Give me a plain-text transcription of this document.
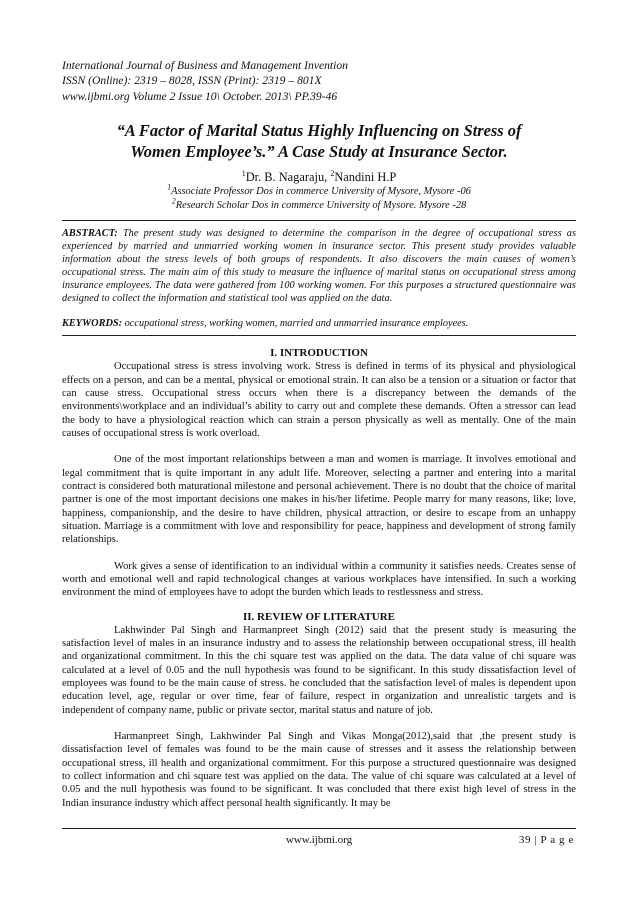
International Journal of Business and Management Invention
ISSN (Online): 2319 – 8028, ISSN (Print): 2319 – 801X
www.ijbmi.org Volume 2 Issue 10\ October. 2013\ PP.39-46
“A Factor of Marital Status Highly Influencing on Stress of
Women Employee’s.” A Case Study at Insurance Sector.
$^1$Dr. B. Nagaraju, $^2$Nandini H.P
$^1$Associate Professor Dos in commerce University of Mysore, Mysore -06
$^2$Research Scholar Dos in commerce University of Mysore. Mysore -28
ABSTRACT: The present study was designed to determine the comparison in the degree of occupational stress as experienced by married and unmarried working women in insurance sector. This present study provides valuable information about the stress levels of both groups of respondents. It also discovers the main causes of women’s occupational stress. The main aim of this study to measure the influence of marital status on occupational stress among insurance employees. The data were gathered from 100 working women. For this purposes a structured questionnaire was designed to collect the information and statistical tool was applied on the data.
KEYWORDS: occupational stress, working women, married and unmarried insurance employees.
I. INTRODUCTION

Occupational stress is stress involving work. Stress is defined in terms of its physical and physiological effects on a person, and can be a mental, physical or emotional strain. It can also be a tension or a situation or factor that can cause stress. Occupational stress occurs when there is a discrepancy between the demands of the environments\workplace and an individual’s ability to carry out and complete these demands. Often a stressor can lead the body to have a physiological reaction which can strain a person physically as well as mentally. One of the main causes of occupational stress is work overload.

One of the most important relationships between a man and women is marriage. It involves emotional and legal commitment that is quite important in any adult life. Moreover, selecting a partner and entering into a marital contract is considered both maturational milestone and personal achievement. There is no doubt that the choice of marital partner is one of the most important decisions one makes in his/her lifetime. People marry for many reasons, like; love, happiness, companionship, and the desire to have children, physical attraction, or desire to escape from an unhappy situation. Marriage is a commitment with love and responsibility for peace, happiness and development of strong family relationships.

Work gives a sense of identification to an individual within a community it satisfies needs. Creates sense of worth and emotional well and rapid technological changes at various workplaces have intensified. In such a working environment the mind of employees have to adopt the burden which leads to restlessness and stress.

II. REVIEW OF LITERATURE

Lakhwinder Pal Singh and Harmanpreet Singh (2012) said that the present study is measuring the satisfaction level of males in an insurance industry and to assess the relationship between occupational stress, ill health and organizational commitment. In this the chi square test was applied on the data. The data value of chi square was calculated at a level of 0.05 and the null hypothesis was found to be significant. In this study dissatisfaction level of employees was found to be the main cause of stress. he concluded that the satisfaction level of males is dependent upon education level, age, regular or over time, fear of failure, respect in organization and unrealistic targets and is independent of company name, public or private sector, marital status and nature of job.

Harmanpreet Singh, Lakhwinder Pal Singh and Vikas Monga(2012),said that ,the present study is dissatisfaction level of females was found to be the main cause of stresses and it assess the relationship between occupational stress, ill health and organizational commitment. For this purpose a structured questionnaire was designed to collect information and chi square test was applied on the data. The value of chi square was calculated at a level of 0.05 and the null hypothesis was found to be significant. It was concluded that there exist high level of stress in the Indian insurance industry which affect personal health significantly. It may be

www.ijbmi.org	39 | P a g e
